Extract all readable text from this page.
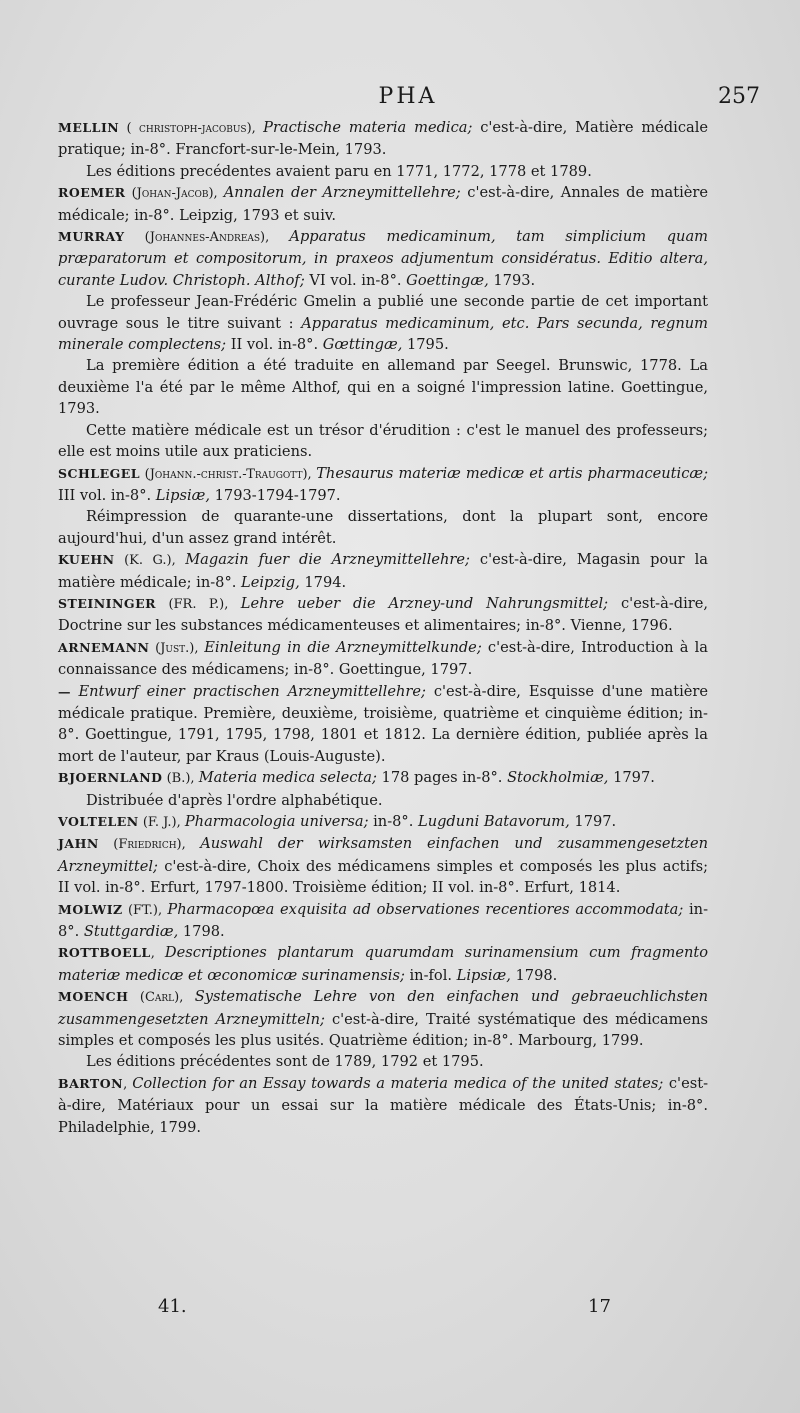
PHA	257

MELLIN ( christoph-jacobus), Practische materia medica; c'est-à-dire, Matière médicale pratique; in-8°. Francfort-sur-le-Mein, 1793.

Les éditions precédentes avaient paru en 1771, 1772, 1778 et 1789.

ROEMER (Johan-Jacob), Annalen der Arzneymittellehre; c'est-à-dire, Annales de matière médicale; in-8°. Leipzig, 1793 et suiv.

MURRAY (Johannes-Andreas), Apparatus medicaminum, tam simplicium quam præparatorum et compositorum, in praxeos adjumentum considératus. Editio altera, curante Ludov. Christoph. Althof; VI vol. in-8°. Goettingæ, 1793.

Le professeur Jean-Frédéric Gmelin a publié une seconde partie de cet important ouvrage sous le titre suivant : Apparatus medicaminum, etc. Pars secunda, regnum minerale complectens; II vol. in-8°. Gœttingæ, 1795.

La première édition a été traduite en allemand par Seegel. Brunswic, 1778. La deuxième l'a été par le même Althof, qui en a soigné l'impression latine. Goettingue, 1793.

Cette matière médicale est un trésor d'érudition : c'est le manuel des professeurs; elle est moins utile aux praticiens.

SCHLEGEL (Johann.-christ.-Traugott), Thesaurus materiæ medicæ et artis pharmaceuticæ; III vol. in-8°. Lipsiæ, 1793-1794-1797.

Réimpression de quarante-une dissertations, dont la plupart sont, encore aujourd'hui, d'un assez grand intérêt.

KUEHN (K. G.), Magazin fuer die Arzneymittellehre; c'est-à-dire, Magasin pour la matière médicale; in-8°. Leipzig, 1794.

STEININGER (FR. P.), Lehre ueber die Arzney-und Nahrungsmittel; c'est-à-dire, Doctrine sur les substances médicamenteuses et alimentaires; in-8°. Vienne, 1796.

ARNEMANN (Just.), Einleitung in die Arzneymittelkunde; c'est-à-dire, Introduction à la connaissance des médicamens; in-8°. Goettingue, 1797.

— Entwurf einer practischen Arzneymittellehre; c'est-à-dire, Esquisse d'une matière médicale pratique. Première, deuxième, troisième, quatrième et cinquième édition; in-8°. Goettingue, 1791, 1795, 1798, 1801 et 1812. La dernière édition, publiée après la mort de l'auteur, par Kraus (Louis-Auguste).

BJOERNLAND (B.), Materia medica selecta; 178 pages in-8°. Stockholmiæ, 1797.

Distribuée d'après l'ordre alphabétique.

VOLTELEN (F. J.), Pharmacologia universa; in-8°. Lugduni Batavorum, 1797.

JAHN (Friedrich), Auswahl der wirksamsten einfachen und zusammengesetzten Arzneymittel; c'est-à-dire, Choix des médicamens simples et composés les plus actifs; II vol. in-8°. Erfurt, 1797-1800. Troisième édition; II vol. in-8°. Erfurt, 1814.

MOLWIZ (FT.), Pharmacopœa exquisita ad observationes recentiores accommodata; in-8°. Stuttgardiæ, 1798.

ROTTBOELL, Descriptiones plantarum quarumdam surinamensium cum fragmento materiæ medicæ et œconomicæ surinamensis; in-fol. Lipsiæ, 1798.

MOENCH (Carl), Systematische Lehre von den einfachen und gebraeuchlichsten zusammengesetzten Arzneymitteln; c'est-à-dire, Traité systématique des médicamens simples et composés les plus usités. Quatrième édition; in-8°. Marbourg, 1799.

Les éditions précédentes sont de 1789, 1792 et 1795.

BARTON, Collection for an Essay towards a materia medica of the united states; c'est-à-dire, Matériaux pour un essai sur la matière médicale des États-Unis; in-8°. Philadelphie, 1799.

41.	17
